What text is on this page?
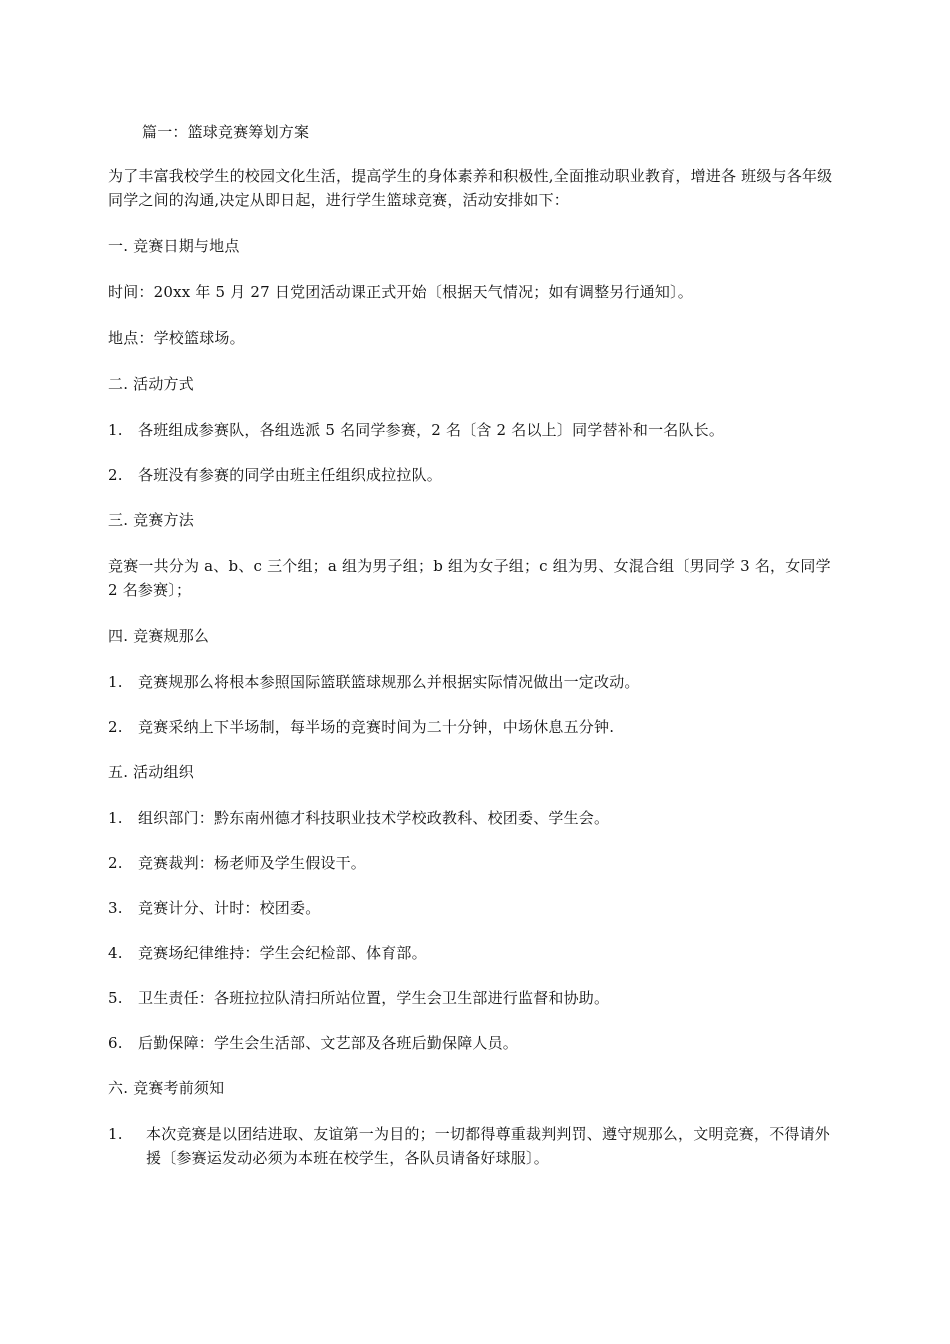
篇一：篮球竞赛筹划方案
为了丰富我校学生的校园文化生活，提高学生的身体素养和积极性,全面推动职业教育，增进各 班级与各年级同学之间的沟通,决定从即日起，进行学生篮球竞赛，活动安排如下：
一. 竞赛日期与地点
时间：20xx 年 5 月 27 日党团活动课正式开始〔根据天气情况；如有调整另行通知〕。
地点：学校篮球场。
二. 活动方式
1.	各班组成参赛队，各组选派 5 名同学参赛，2 名〔含 2 名以上〕同学替补和一名队长。
2.	各班没有参赛的同学由班主任组织成拉拉队。
三. 竞赛方法
竞赛一共分为 a、b、c 三个组；a 组为男子组；b 组为女子组；c 组为男、女混合组〔男同学 3 名，女同学 2 名参赛〕；
四. 竞赛规那么
1.	竞赛规那么将根本参照国际篮联篮球规那么并根据实际情况做出一定改动。
2.	竞赛采纳上下半场制，每半场的竞赛时间为二十分钟，中场休息五分钟.
五. 活动组织
1.	组织部门：黔东南州德才科技职业技术学校政教科、校团委、学生会。
2.	竞赛裁判：杨老师及学生假设干。
3.	竞赛计分、计时：校团委。
4.	竞赛场纪律维持：学生会纪检部、体育部。
5.	卫生责任：各班拉拉队清扫所站位置，学生会卫生部进行监督和协助。
6.	后勤保障：学生会生活部、文艺部及各班后勤保障人员。
六. 竞赛考前须知
1.	本次竞赛是以团结进取、友谊第一为目的；一切都得尊重裁判判罚、遵守规那么，文明竞赛，不得请外援〔参赛运发动必须为本班在校学生，各队员请备好球服〕。
